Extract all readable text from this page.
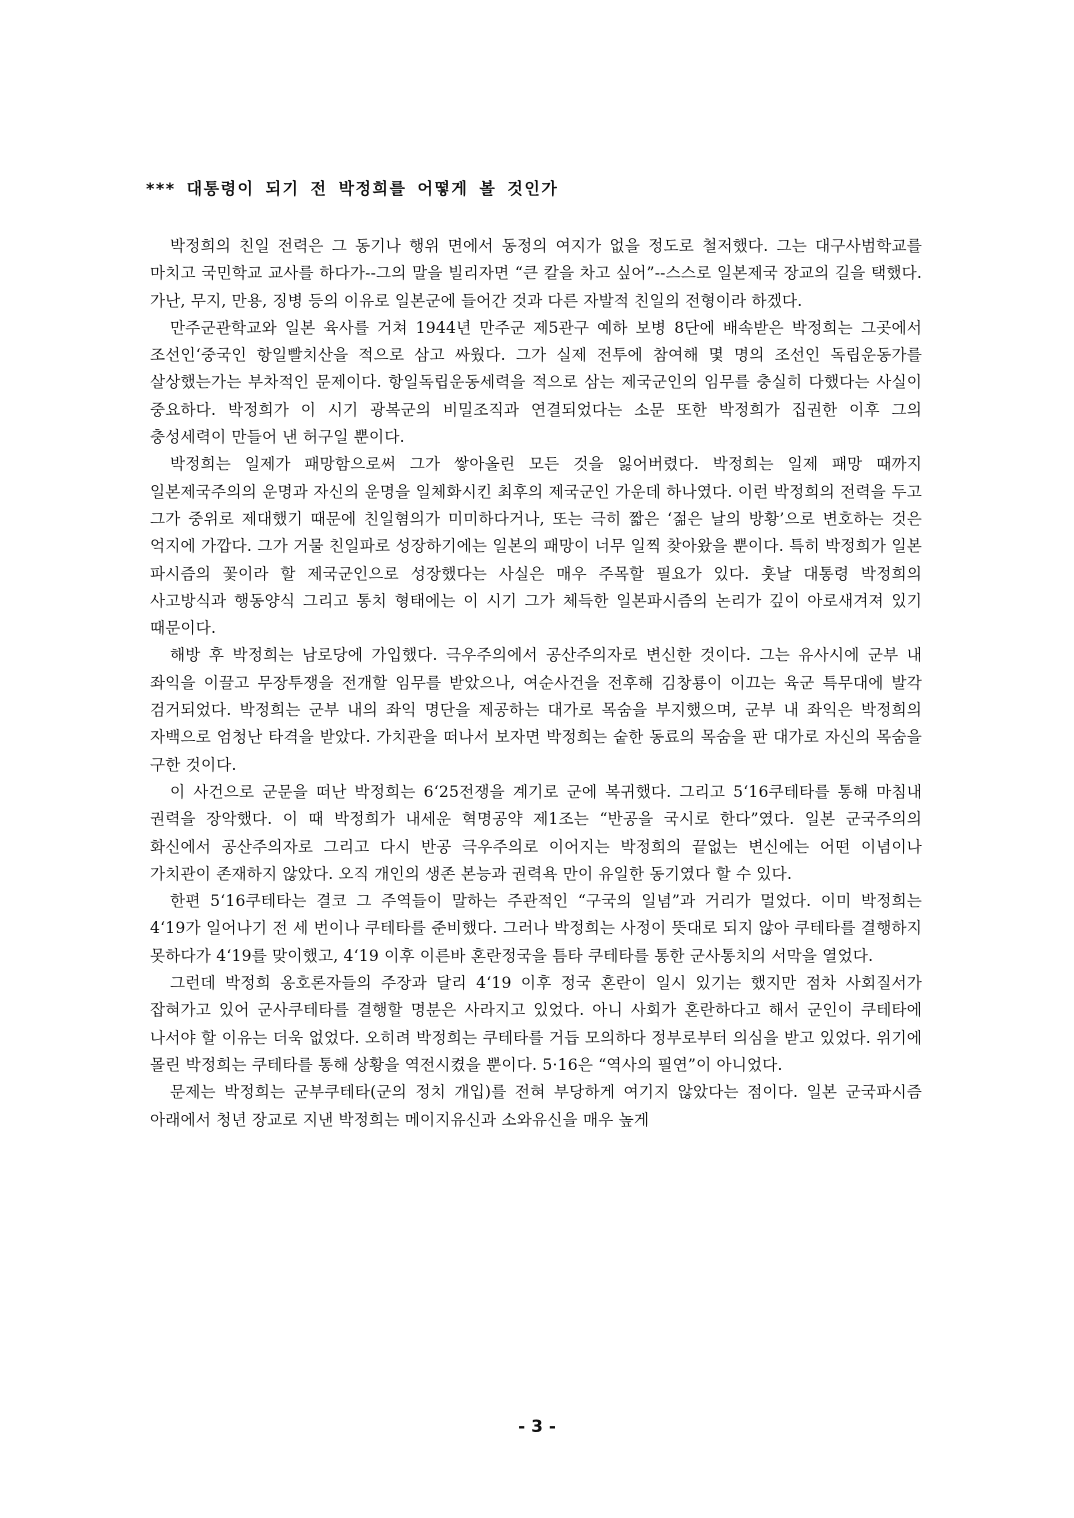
*** 대통령이 되기 전 박정희를 어떻게 볼 것인가

박정희의 친일 전력은 그 동기나 행위 면에서 동정의 여지가 없을 정도로 철저했다. 그는 대구사범학교를 마치고 국민학교 교사를 하다가--그의 말을 빌리자면 “큰 칼을 차고 싶어”--스스로 일본제국 장교의 길을 택했다. 가난, 무지, 만용, 징병 등의 이유로 일본군에 들어간 것과 다른 자발적 친일의 전형이라 하겠다.

만주군관학교와 일본 육사를 거쳐 1944년 만주군 제5관구 예하 보병 8단에 배속받은 박정희는 그곳에서 조선인‘중국인 항일빨치산을 적으로 삼고 싸웠다. 그가 실제 전투에 참여해 몇 명의 조선인 독립운동가를 살상했는가는 부차적인 문제이다. 항일독립운동세력을 적으로 삼는 제국군인의 임무를 충실히 다했다는 사실이 중요하다. 박정희가 이 시기 광복군의 비밀조직과 연결되었다는 소문 또한 박정희가 집권한 이후 그의 충성세력이 만들어 낸 허구일 뿐이다.

박정희는 일제가 패망함으로써 그가 쌓아올린 모든 것을 잃어버렸다. 박정희는 일제 패망 때까지 일본제국주의의 운명과 자신의 운명을 일체화시킨 최후의 제국군인 가운데 하나였다. 이런 박정희의 전력을 두고 그가 중위로 제대했기 때문에 친일혐의가 미미하다거나, 또는 극히 짧은 ‘젊은 날의 방황’으로 변호하는 것은 억지에 가깝다. 그가 거물 친일파로 성장하기에는 일본의 패망이 너무 일찍 찾아왔을 뿐이다. 특히 박정희가 일본 파시즘의 꽃이라 할 제국군인으로 성장했다는 사실은 매우 주목할 필요가 있다. 훗날 대통령 박정희의 사고방식과 행동양식 그리고 통치 형태에는 이 시기 그가 체득한 일본파시즘의 논리가 깊이 아로새겨져 있기 때문이다.

해방 후 박정희는 남로당에 가입했다. 극우주의에서 공산주의자로 변신한 것이다. 그는 유사시에 군부 내 좌익을 이끌고 무장투쟁을 전개할 임무를 받았으나, 여순사건을 전후해 김창룡이 이끄는 육군 특무대에 발각 검거되었다. 박정희는 군부 내의 좌익 명단을 제공하는 대가로 목숨을 부지했으며, 군부 내 좌익은 박정희의 자백으로 엄청난 타격을 받았다. 가치관을 떠나서 보자면 박정희는 숱한 동료의 목숨을 판 대가로 자신의 목숨을 구한 것이다.

이 사건으로 군문을 떠난 박정희는 6‘25전쟁을 계기로 군에 복귀했다. 그리고 5‘16쿠테타를 통해 마침내 권력을 장악했다. 이 때 박정희가 내세운 혁명공약 제1조는 “반공을 국시로 한다”였다. 일본 군국주의의 화신에서 공산주의자로 그리고 다시 반공 극우주의로 이어지는 박정희의 끝없는 변신에는 어떤 이념이나 가치관이 존재하지 않았다. 오직 개인의 생존 본능과 권력욕 만이 유일한 동기였다 할 수 있다.

한편 5‘16쿠테타는 결코 그 주역들이 말하는 주관적인 “구국의 일념”과 거리가 멀었다. 이미 박정희는 4‘19가 일어나기 전 세 번이나 쿠테타를 준비했다. 그러나 박정희는 사정이 뜻대로 되지 않아 쿠테타를 결행하지 못하다가 4‘19를 맞이했고, 4‘19 이후 이른바 혼란정국을 틈타 쿠테타를 통한 군사통치의 서막을 열었다.

그런데 박정희 옹호론자들의 주장과 달리 4‘19 이후 정국 혼란이 일시 있기는 했지만 점차 사회질서가 잡혀가고 있어 군사쿠테타를 결행할 명분은 사라지고 있었다. 아니 사회가 혼란하다고 해서 군인이 쿠테타에 나서야 할 이유는 더욱 없었다. 오히려 박정희는 쿠테타를 거듭 모의하다 정부로부터 의심을 받고 있었다. 위기에 몰린 박정희는 쿠테타를 통해 상황을 역전시켰을 뿐이다. 5·16은 “역사의 필연”이 아니었다.

문제는 박정희는 군부쿠테타(군의 정치 개입)를 전혀 부당하게 여기지 않았다는 점이다. 일본 군국파시즘 아래에서 청년 장교로 지낸 박정희는 메이지유신과 소와유신을 매우 높게

- 3 -
